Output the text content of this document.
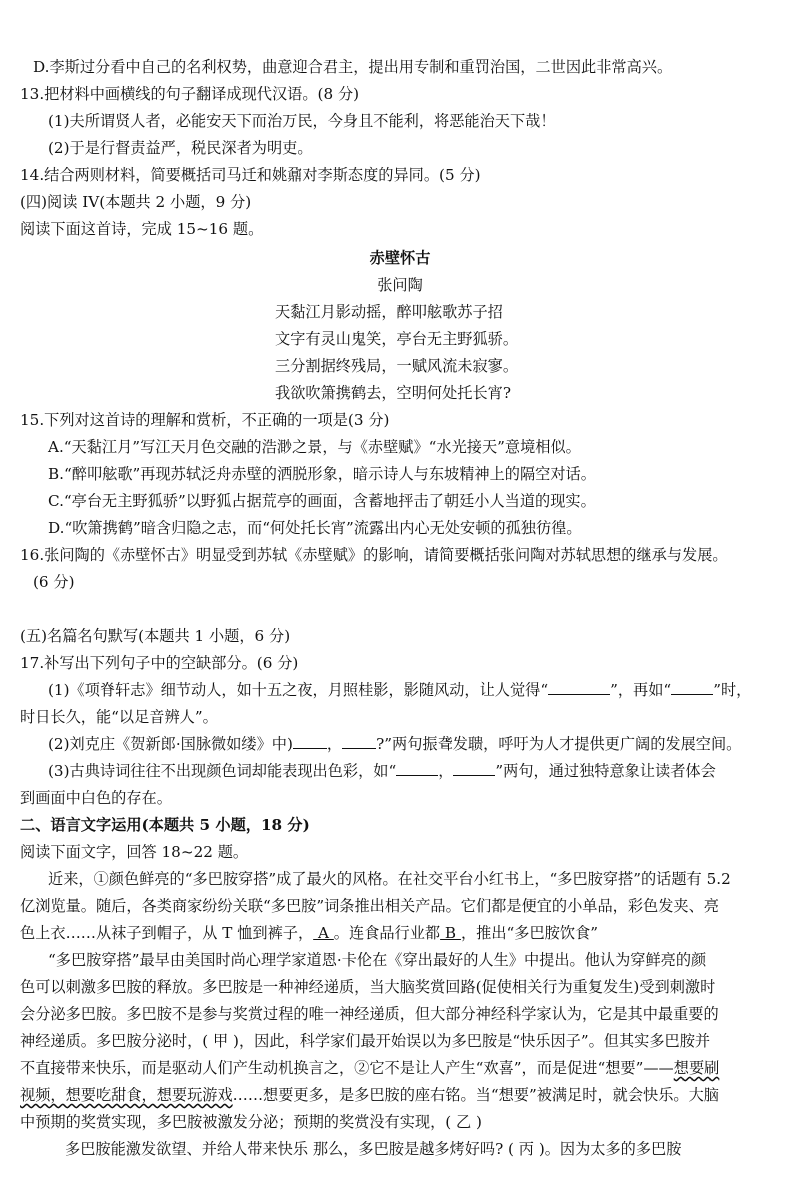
D.李斯过分看中自己的名利权势，曲意迎合君主，提出用专制和重罚治国，二世因此非常高兴。

13.把材料中画横线的句子翻译成现代汉语。(8 分)

(1)夫所谓贤人者，必能安天下而治万民，今身且不能利，将恶能治天下哉！

(2)于是行督责益严，税民深者为明吏。

14.结合两则材料，简要概括司马迁和姚鼐对李斯态度的异同。(5 分)

(四)阅读 IV(本题共 2 小题，9 分)

阅读下面这首诗，完成 15~16 题。

赤壁怀古

张问陶

天黏江月影动摇，醉叩舷歌苏子招

文字有灵山鬼笑，亭台无主野狐骄。

三分割据终残局，一赋风流未寂寥。

我欲吹箫携鹤去，空明何处托长宵?

15.下列对这首诗的理解和赏析，不正确的一项是(3 分)

A.“天黏江月”写江天月色交融的浩渺之景，与《赤壁赋》“水光接天”意境相似。

B.“醉叩舷歌”再现苏轼泛舟赤壁的洒脱形象，暗示诗人与东坡精神上的隔空对话。

C.“亭台无主野狐骄”以野狐占据荒亭的画面，含蓄地抨击了朝廷小人当道的现实。

D.“吹箫携鹤”暗含归隐之志，而“何处托长宵”流露出内心无处安顿的孤独彷徨。

16.张问陶的《赤壁怀古》明显受到苏轼《赤壁赋》的影响，请简要概括张问陶对苏轼思想的继承与发展。

(6 分)

(五)名篇名句默写(本题共 1 小题，6 分)

17.补写出下列句子中的空缺部分。(6 分)

(1)《项脊轩志》细节动人，如十五之夜，月照桂影，影随风动，让人觉得“	”，再如“	”时，

时日长久，能“以足音辨人”。

(2)刘克庄《贺新郎·国脉微如缕》中) ， ?”两句振聋发聩，呼吁为人才提供更广阔的发展空间。

(3)古典诗词往往不出现颜色词却能表现出色彩，如“	，	”两句，通过独特意象让读者体会

到画面中白色的存在。

二、语言文字运用(本题共 5 小题，18 分)

阅读下面文字，回答 18~22 题。

近来，①颜色鲜亮的“多巴胺穿搭”成了最火的风格。在社交平台小红书上，“多巴胺穿搭”的话题有 5.2

亿浏览量。随后，各类商家纷纷关联“多巴胺”词条推出相关产品。它们都是便宜的小单品，彩色发夹、亮

色上衣……从袜子到帽子，从 T 恤到裤子， A 。连食品行业都 B ，推出“多巴胺饮食”

“多巴胺穿搭”最早由美国时尚心理学家道恩·卡伦在《穿出最好的人生》中提出。他认为穿鲜亮的颜

色可以刺激多巴胺的释放。多巴胺是一种神经递质，当大脑奖赏回路(促使相关行为重复发生)受到刺激时

会分泌多巴胺。多巴胺不是参与奖赏过程的唯一神经递质，但大部分神经科学家认为，它是其中最重要的

神经递质。多巴胺分泌时，( 甲 )，因此，科学家们最开始误以为多巴胺是“快乐因子”。但其实多巴胺并

不直接带来快乐，而是驱动人们产生动机换言之，②它不是让人产生“欢喜”，而是促进“想要”——想要刷

视频，想要吃甜食，想要玩游戏……想要更多，是多巴胺的座右铭。当“想要”被满足时，就会快乐。大脑

中预期的奖赏实现，多巴胺被激发分泌；预期的奖赏没有实现，( 乙 )

多巴胺能激发欲望、并给人带来快乐 那么，多巴胺是越多烤好吗? ( 丙 )。因为太多的多巴胺
